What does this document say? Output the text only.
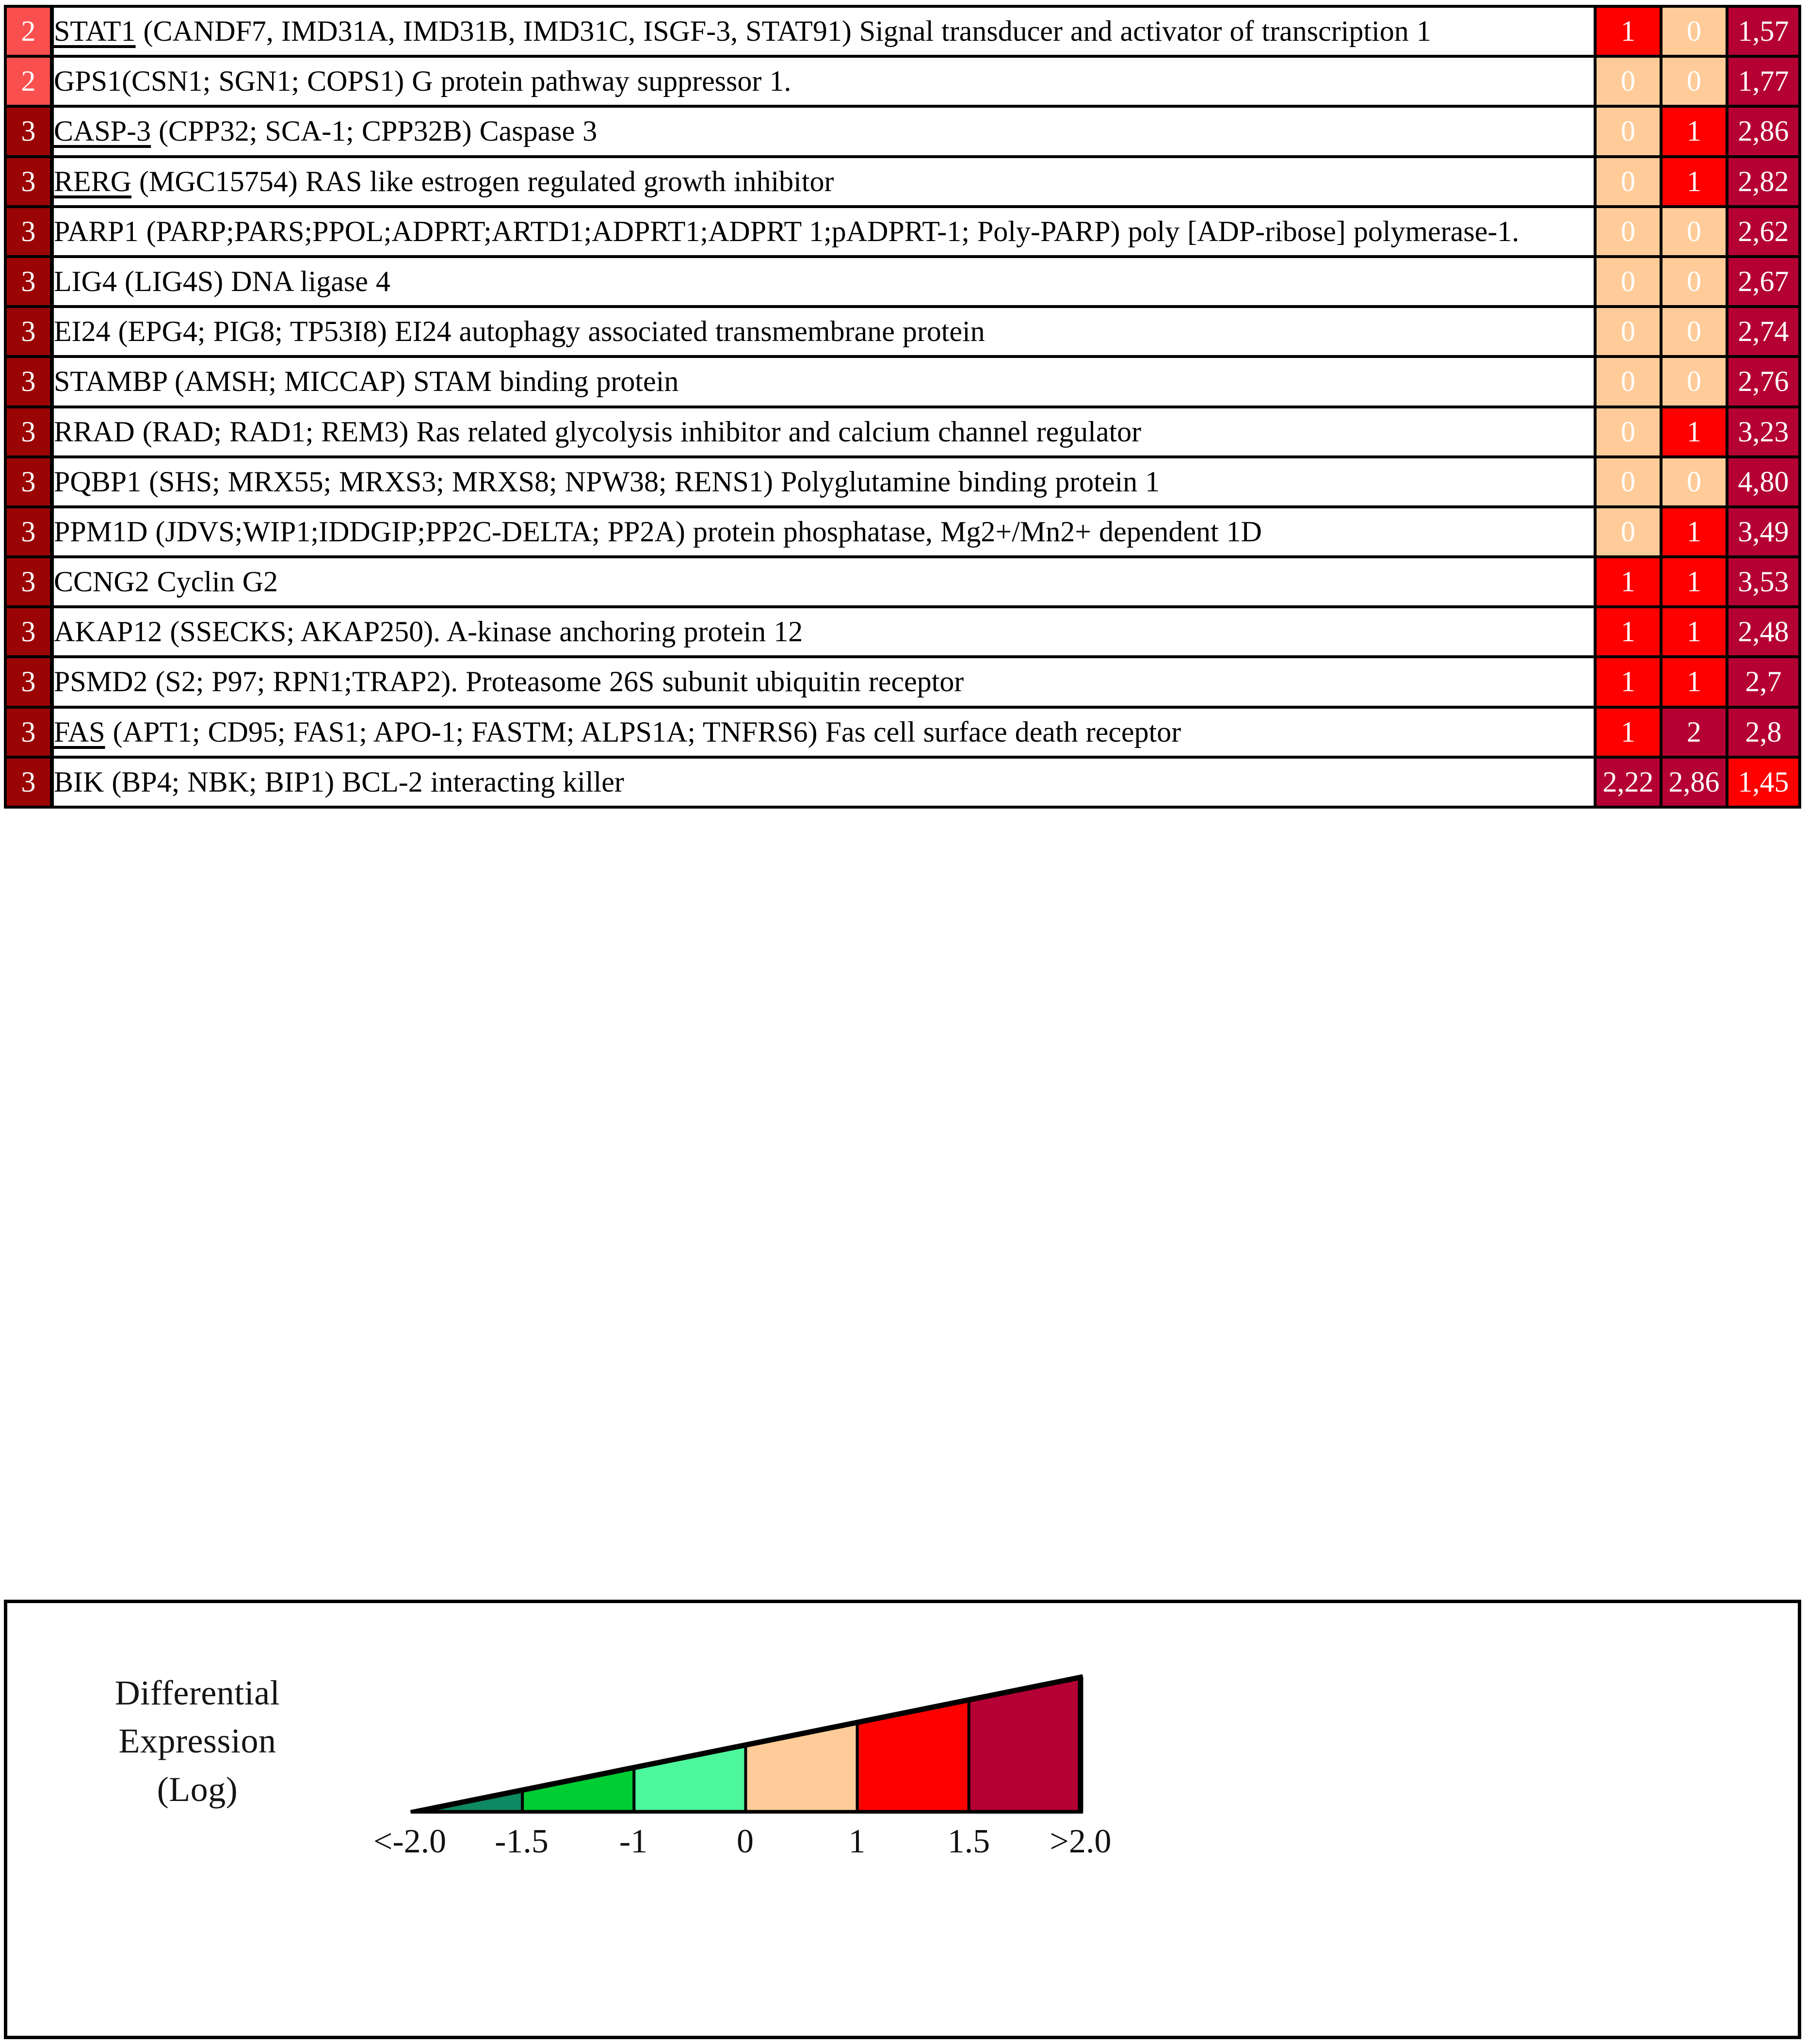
2	STAT1 (CANDF7, IMD31A, IMD31B, IMD31C, ISGF-3, STAT91) Signal transducer and activator of transcription 1	1	0	1,57
2	GPS1(CSN1; SGN1; COPS1) G protein pathway suppressor 1.	0	0	1,77
3	CASP-3 (CPP32; SCA-1; CPP32B) Caspase 3	0	1	2,86
3	RERG (MGC15754) RAS like estrogen regulated growth inhibitor	0	1	2,82
3	PARP1 (PARP;PARS;PPOL;ADPRT;ARTD1;ADPRT1;ADPRT 1;pADPRT-1; Poly-PARP) poly [ADP-ribose] polymerase-1.	0	0	2,62
3	LIG4 (LIG4S) DNA ligase 4	0	0	2,67
3	EI24 (EPG4; PIG8; TP53I8) EI24 autophagy associated transmembrane protein	0	0	2,74
3	STAMBP (AMSH; MICCAP) STAM binding protein	0	0	2,76
3	RRAD (RAD; RAD1; REM3) Ras related glycolysis inhibitor and calcium channel regulator	0	1	3,23
3	PQBP1 (SHS; MRX55; MRXS3; MRXS8; NPW38; RENS1) Polyglutamine binding protein 1	0	0	4,80
3	PPM1D (JDVS;WIP1;IDDGIP;PP2C-DELTA; PP2A) protein phosphatase, Mg2+/Mn2+ dependent 1D	0	1	3,49
3	CCNG2 Cyclin G2	1	1	3,53
3	AKAP12 (SSECKS; AKAP250). A-kinase anchoring protein 12	1	1	2,48
3	PSMD2 (S2; P97; RPN1;TRAP2). Proteasome 26S subunit ubiquitin receptor	1	1	2,7
3	FAS (APT1; CD95; FAS1; APO-1; FASTM; ALPS1A; TNFRS6) Fas cell surface death receptor	1	2	2,8
3	BIK (BP4; NBK; BIP1) BCL-2 interacting killer	2,22	2,86	1,45
Differential
Expression
(Log)
<-2.0 -1.5 -1	0	1 1.5 >2.0
